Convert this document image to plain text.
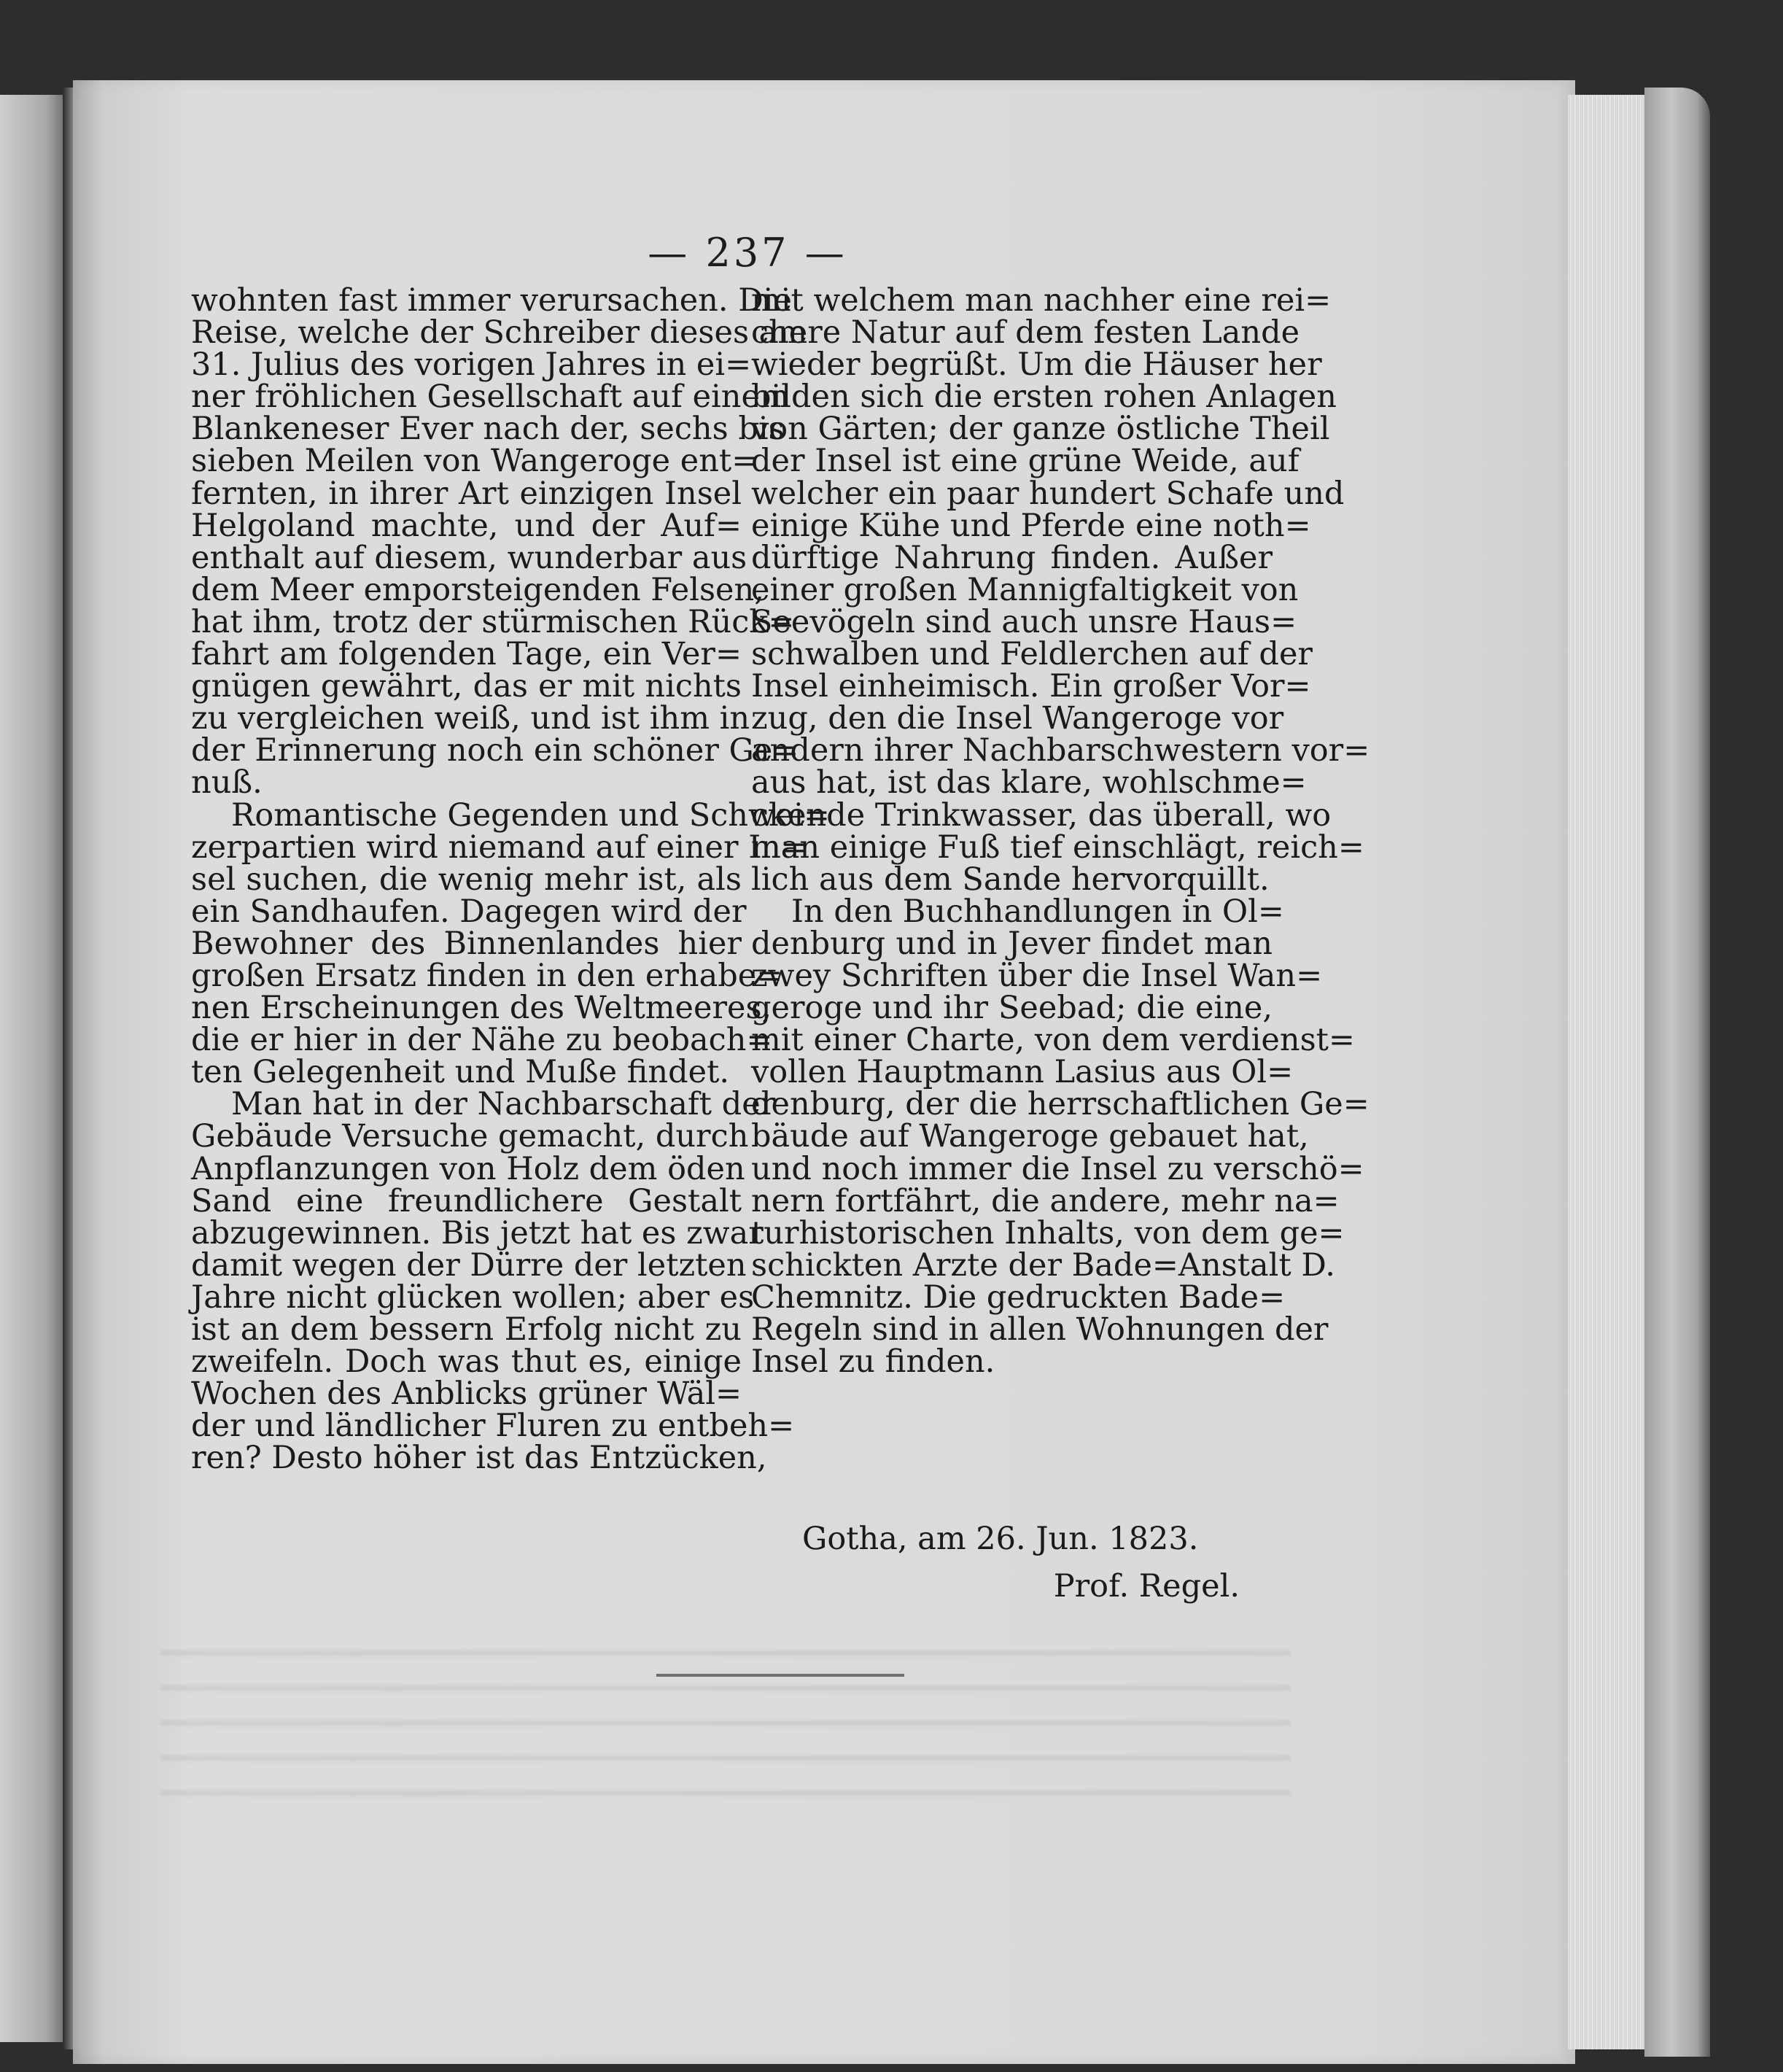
— 237 —

wohnten fast immer verursachen. Die
Reise, welche der Schreiber dieses am
31. Julius des vorigen Jahres in ei=
ner fröhlichen Gesellschaft auf einem
Blankeneser Ever nach der, sechs bis
sieben Meilen von Wangeroge ent=
fernten, in ihrer Art einzigen Insel
Helgoland machte, und der Auf=
enthalt auf diesem, wunderbar aus
dem Meer emporsteigenden Felsen,
hat ihm, trotz der stürmischen Rück=
fahrt am folgenden Tage, ein Ver=
gnügen gewährt, das er mit nichts
zu vergleichen weiß, und ist ihm in
der Erinnerung noch ein schöner Ge=
nuß.
Romantische Gegenden und Schwei=
zerpartien wird niemand auf einer In=
sel suchen, die wenig mehr ist, als
ein Sandhaufen. Dagegen wird der
Bewohner des Binnenlandes hier
großen Ersatz finden in den erhabe=
nen Erscheinungen des Weltmeeres,
die er hier in der Nähe zu beobach=
ten Gelegenheit und Muße findet.
Man hat in der Nachbarschaft der
Gebäude Versuche gemacht, durch
Anpflanzungen von Holz dem öden
Sand eine freundlichere Gestalt
abzugewinnen. Bis jetzt hat es zwar
damit wegen der Dürre der letzten
Jahre nicht glücken wollen; aber es
ist an dem bessern Erfolg nicht zu
zweifeln. Doch was thut es, einige
Wochen des Anblicks grüner Wäl=
der und ländlicher Fluren zu entbeh=
ren? Desto höher ist das Entzücken,
mit welchem man nachher eine rei=
chere Natur auf dem festen Lande
wieder begrüßt. Um die Häuser her
bilden sich die ersten rohen Anlagen
von Gärten; der ganze östliche Theil
der Insel ist eine grüne Weide, auf
welcher ein paar hundert Schafe und
einige Kühe und Pferde eine noth=
dürftige Nahrung finden. Außer
einer großen Mannigfaltigkeit von
Seevögeln sind auch unsre Haus=
schwalben und Feldlerchen auf der
Insel einheimisch. Ein großer Vor=
zug, den die Insel Wangeroge vor
andern ihrer Nachbarschwestern vor=
aus hat, ist das klare, wohlschme=
ckende Trinkwasser, das überall, wo
man einige Fuß tief einschlägt, reich=
lich aus dem Sande hervorquillt.
In den Buchhandlungen in Ol=
denburg und in Jever findet man
zwey Schriften über die Insel Wan=
geroge und ihr Seebad; die eine,
mit einer Charte, von dem verdienst=
vollen Hauptmann Lasius aus Ol=
denburg, der die herrschaftlichen Ge=
bäude auf Wangeroge gebauet hat,
und noch immer die Insel zu verschö=
nern fortfährt, die andere, mehr na=
turhistorischen Inhalts, von dem ge=
schickten Arzte der Bade=Anstalt D.
Chemnitz. Die gedruckten Bade=
Regeln sind in allen Wohnungen der
Insel zu finden.

Gotha, am 26. Jun. 1823.

Prof. Regel.
